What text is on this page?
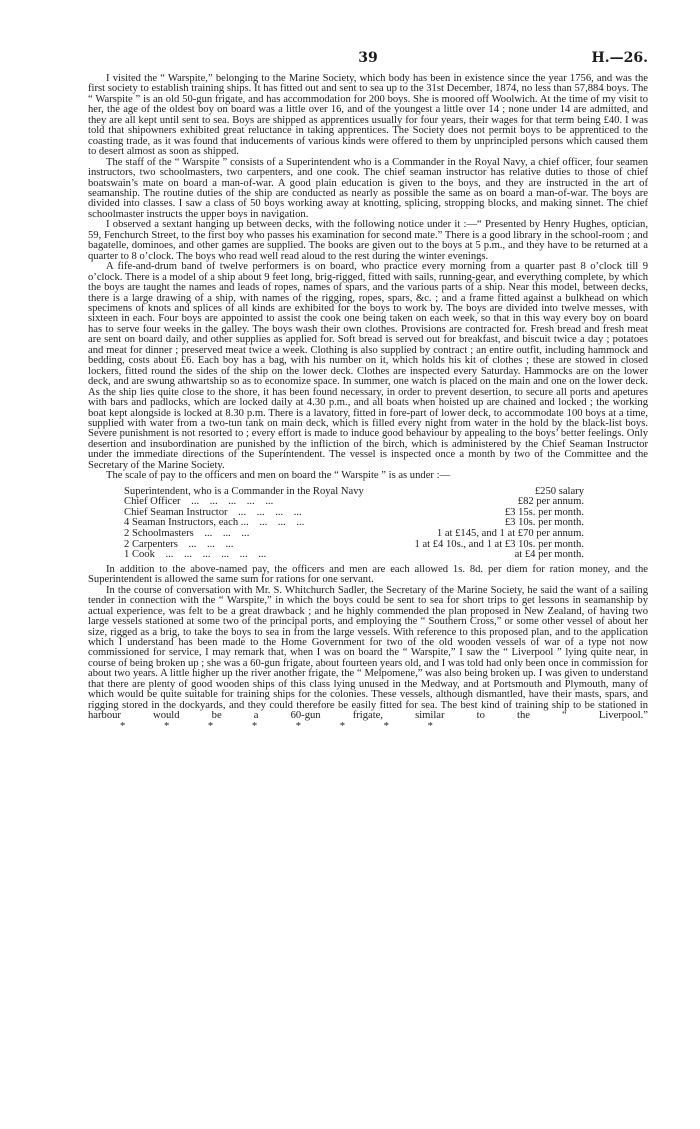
39	H.—26.

I visited the “ Warspite,” belonging to the Marine Society, which body has been in existence since the year 1756, and was the first society to establish training ships. It has fitted out and sent to sea up to the 31st December, 1874, no less than 57,884 boys. The “ Warspite ” is an old 50-gun frigate, and has accommodation for 200 boys. She is moored off Woolwich. At the time of my visit to her, the age of the oldest boy on board was a little over 16, and of the youngest a little over 14 ; none under 14 are admitted, and they are all kept until sent to sea. Boys are shipped as apprentices usually for four years, their wages for that term being £40. I was told that shipowners exhibited great reluctance in taking apprentices. The Society does not permit boys to be apprenticed to the coasting trade, as it was found that inducements of various kinds were offered to them by unprincipled persons which caused them to desert almost as soon as shipped.

The staff of the “ Warspite ” consists of a Superintendent who is a Commander in the Royal Navy, a chief officer, four seamen instructors, two schoolmasters, two carpenters, and one cook. The chief seaman instructor has relative duties to those of chief boatswain’s mate on board a man-of-war. A good plain education is given to the boys, and they are instructed in the art of seamanship. The routine duties of the ship are conducted as nearly as possible the same as on board a man-of-war. The boys are divided into classes. I saw a class of 50 boys working away at knotting, splicing, stropping blocks, and making sinnet. The chief schoolmaster instructs the upper boys in navigation.

I observed a sextant hanging up between decks, with the following notice under it :—“ Presented by Henry Hughes, optician, 59, Fenchurch Street, to the first boy who passes his examination for second mate.” There is a good library in the school-room ; and bagatelle, dominoes, and other games are supplied. The books are given out to the boys at 5 p.m., and they have to be returned at a quarter to 8 o’clock. The boys who read well read aloud to the rest during the winter evenings.

A fife-and-drum band of twelve performers is on board, who practice every morning from a quarter past 8 o’clock till 9 o’clock. There is a model of a ship about 9 feet long, brig-rigged, fitted with sails, running-gear, and everything complete, by which the boys are taught the names and leads of ropes, names of spars, and the various parts of a ship. Near this model, between decks, there is a large drawing of a ship, with names of the rigging, ropes, spars, &c. ; and a frame fitted against a bulkhead on which specimens of knots and splices of all kinds are exhibited for the boys to work by. The boys are divided into twelve messes, with sixteen in each. Four boys are appointed to assist the cook one being taken on each week, so that in this way every boy on board has to serve four weeks in the galley. The boys wash their own clothes. Provisions are contracted for. Fresh bread and fresh meat are sent on board daily, and other supplies as applied for. Soft bread is served out for breakfast, and biscuit twice a day ; potatoes and meat for dinner ; preserved meat twice a week. Clothing is also supplied by contract ; an entire outfit, including hammock and bedding, costs about £6. Each boy has a bag, with his number on it, which holds his kit of clothes ; these are stowed in closed lockers, fitted round the sides of the ship on the lower deck. Clothes are inspected every Saturday. Hammocks are on the lower deck, and are swung athwartship so as to economize space. In summer, one watch is placed on the main and one on the lower deck. As the ship lies quite close to the shore, it has been found necessary, in order to prevent desertion, to secure all ports and apetures with bars and padlocks, which are locked daily at 4.30 p.m., and all boats when hoisted up are chained and locked ; the working boat kept alongside is locked at 8.30 p.m. There is a lavatory, fitted in fore-part of lower deck, to accommodate 100 boys at a time, supplied with water from a two-tun tank on main deck, which is filled every night from water in the hold by the black-list boys. Severe punishment is not resorted to ; every effort is made to induce good behaviour by appealing to the boys’ better feelings. Only desertion and insubordination are punished by the infliction of the birch, which is administered by the Chief Seaman Instructor under the immediate directions of the Superintendent. The vessel is inspected once a month by two of the Committee and the Secretary of the Marine Society.

The scale of pay to the officers and men on board the “ Warspite ” is as under :—

Superintendent, who is a Commander in the Royal Navy	£250 salary
Chief Officer    ...    ...    ...    ...    ...	£82 per annum.
Chief Seaman Instructor    ...    ...    ...    ...	£3 15s. per month.
4 Seaman Instructors, each ...    ...    ...    ...	£3 10s. per month.
2 Schoolmasters    ...    ...    ...	1 at £145, and 1 at £70 per annum.
2 Carpenters    ...    ...    ...	1 at £4 10s., and 1 at £3 10s. per month.
1 Cook    ...    ...    ...    ...    ...    ...	at £4 per month.

In addition to the above-named pay, the officers and men are each allowed 1s. 8d. per diem for ration money, and the Superintendent is allowed the same sum for rations for one servant.

In the course of conversation with Mr. S. Whitchurch Sadler, the Secretary of the Marine Society, he said the want of a sailing tender in connection with the “ Warspite,” in which the boys could be sent to sea for short trips to get lessons in seamanship by actual experience, was felt to be a great drawback ; and he highly commended the plan proposed in New Zealand, of having two large vessels stationed at some two of the principal ports, and employing the “ Southern Cross,” or some other vessel of about her size, rigged as a brig, to take the boys to sea in from the large vessels. With reference to this proposed plan, and to the application which I understand has been made to the Home Government for two of the old wooden vessels of war of a type not now commissioned for service, I may remark that, when I was on board the “ Warspite,” I saw the “ Liverpool ” lying quite near, in course of being broken up ; she was a 60-gun frigate, about fourteen years old, and I was told had only been once in commission for about two years. A little higher up the river another frigate, the “ Melpomene,” was also being broken up. I was given to understand that there are plenty of good wooden ships of this class lying unused in the Medway, and at Portsmouth and Plymouth, many of which would be quite suitable for training ships for the colonies. These vessels, although dismantled, have their masts, spars, and rigging stored in the dockyards, and they could therefore be easily fitted for sea. The best kind of training ship to be stationed in harbour would be a 60-gun frigate, similar to the “ Liverpool.”* * * * * * * *
